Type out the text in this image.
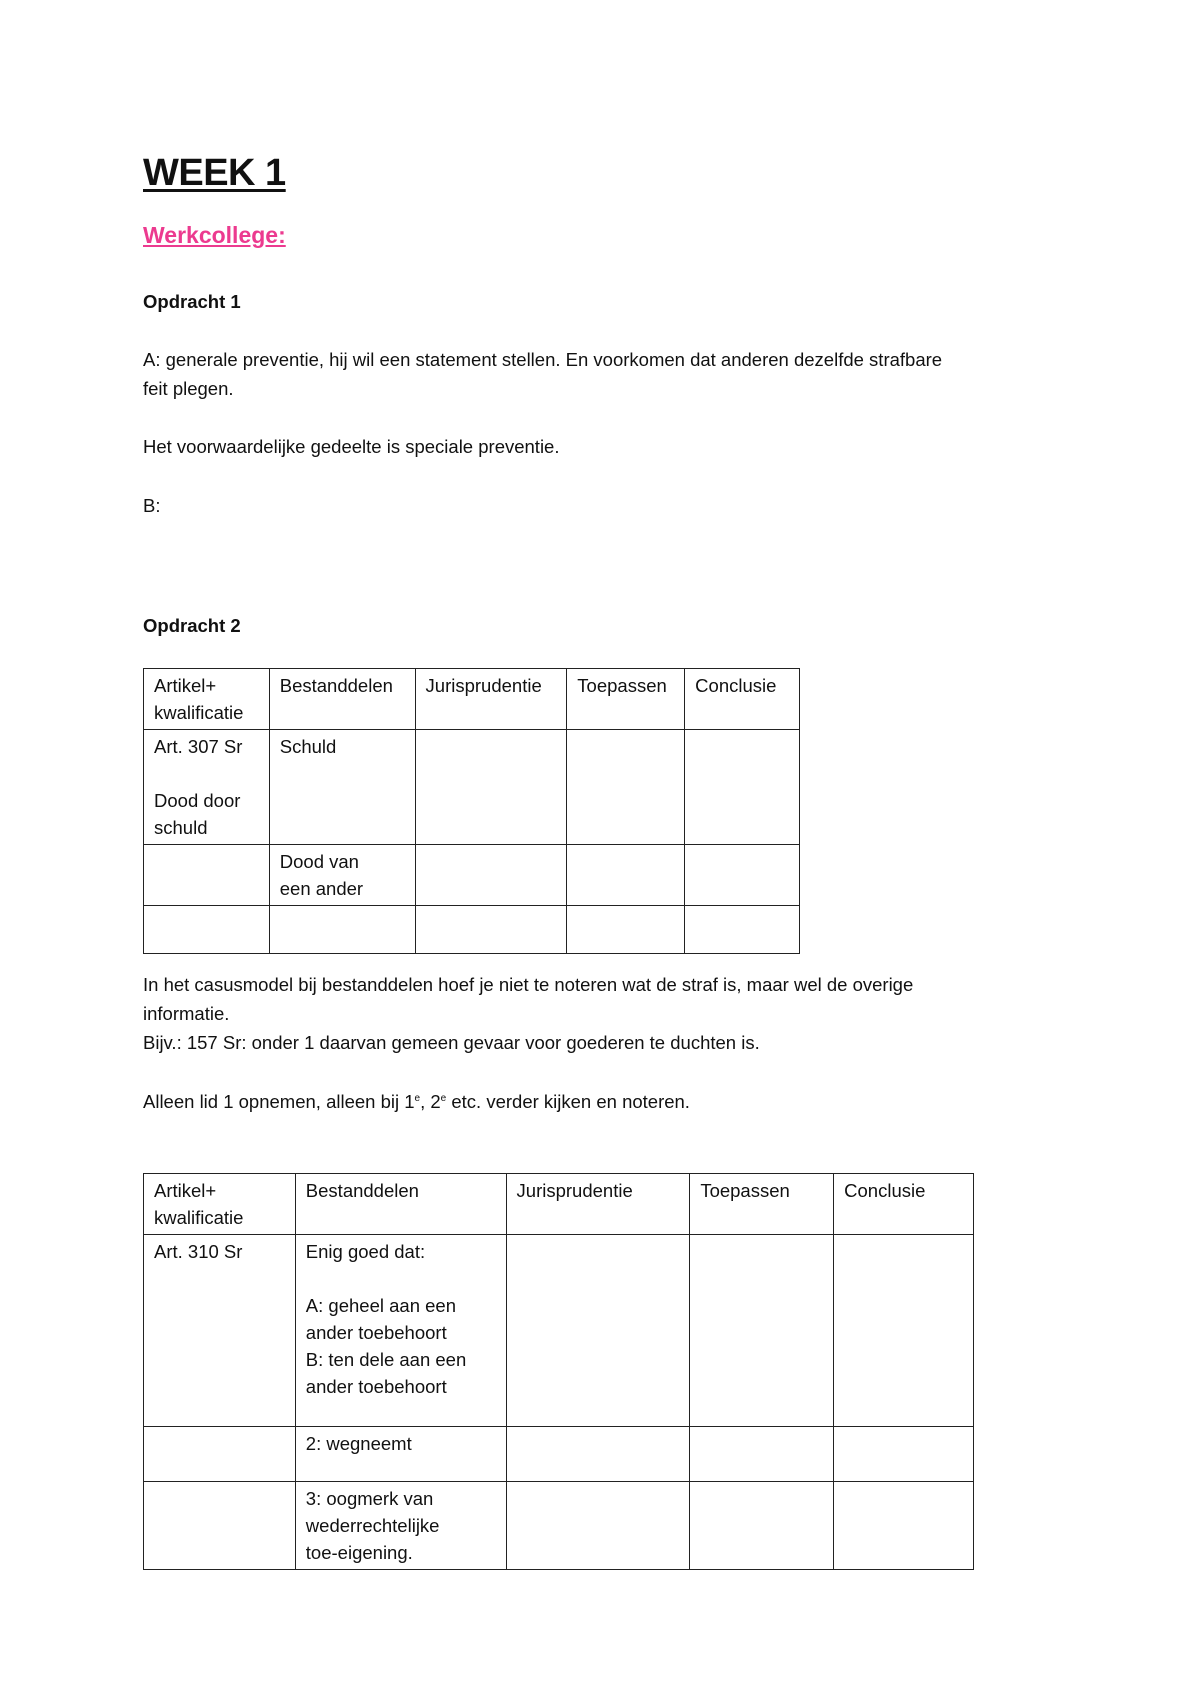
WEEK 1
Werkcollege:

Opdracht 1

A: generale preventie, hij wil een statement stellen. En voorkomen dat anderen dezelfde strafbare

feit plegen.

Het voorwaardelijke gedeelte is speciale preventie.

B:

Opdracht 2

Artikel+
kwalificatie	Bestanddelen	Jurisprudentie	Toepassen	Conclusie
Art. 307 Sr

Dood door
schuld	Schuld			
	Dood van
een ander			

In het casusmodel bij bestanddelen hoef je niet te noteren wat de straf is, maar wel de overige

informatie.

Bijv.: 157 Sr: onder 1 daarvan gemeen gevaar voor goederen te duchten is.

Alleen lid 1 opnemen, alleen bij 1e, 2e etc. verder kijken en noteren.

Artikel+
kwalificatie	Bestanddelen	Jurisprudentie	Toepassen	Conclusie
Art. 310 Sr	Enig goed dat:

A: geheel aan een
ander toebehoort
B: ten dele aan een
ander toebehoort			
	2: wegneemt			
	3: oogmerk van
wederrechtelijke
toe-eigening.			
